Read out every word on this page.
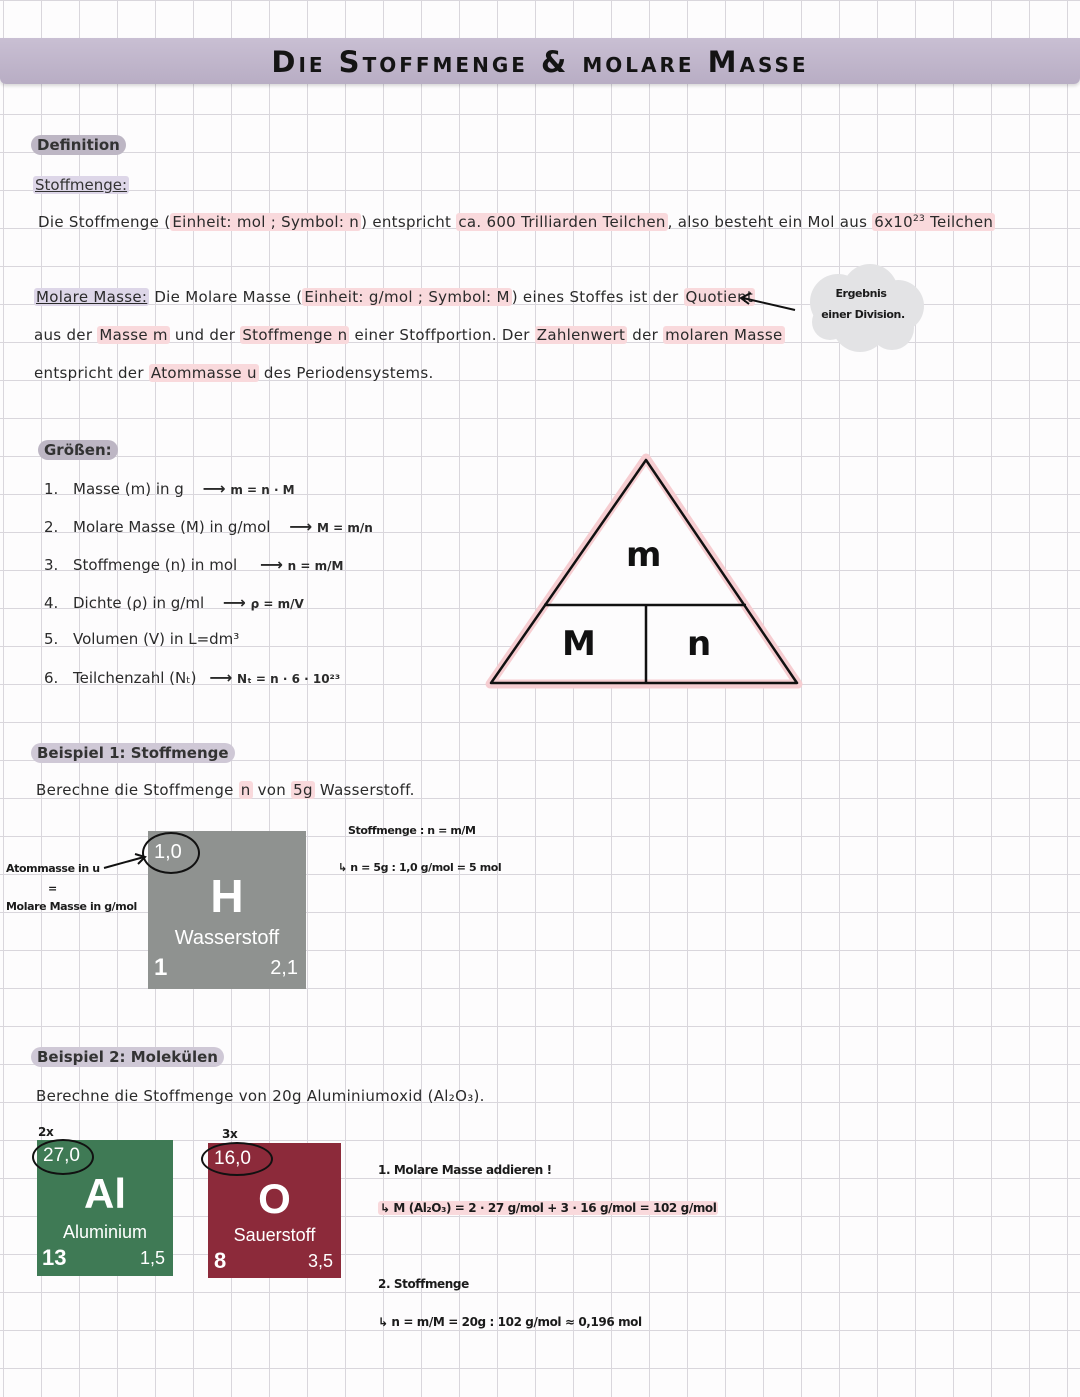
Die Stoffmenge & molare Masse
Definition
Stoffmenge:
Die Stoffmenge ( Einheit: mol ; Symbol: n ) entspricht ca. 600 Trilliarden Teilchen , also besteht ein Mol aus $6x10^{23}$ Teilchen
Molare Masse: Die Molare Masse ( Einheit: g/mol ; Symbol: M ) eines Stoffes ist der Quotient
aus der Masse m und der Stoffmenge n einer Stoffportion. Der Zahlenwert der molaren Masse
entspricht der Atommasse u des Periodensystems.
Ergebnis
einer Division.
Größen:
1. Masse (m) in g ⟶ m = n · M
2. Molare Masse (M) in g/mol ⟶ M = m/n
3. Stoffmenge (n) in mol ⟶ n = m/M
4. Dichte (ρ) in g/ml ⟶ ρ = m/V
5. Volumen (V) in L=dm³
6. Teilchenzahl (Nₜ) ⟶ Nₜ = n · 6 · 10²³
m
M	n
Beispiel 1: Stoffmenge
Berechne die Stoffmenge n von 5g Wasserstoff.
Atommasse in u
=
Molare Masse in g/mol
1,0
H
Wasserstoff
1	2,1
Stoffmenge : n = m/M
↳ n = 5g : 1,0 g/mol = 5 mol
Beispiel 2: Molekülen
Berechne die Stoffmenge von 20g Aluminiumoxid (Al₂O₃).
2x
27,0
Al
Aluminium
13	1,5
3x
16,0
O
Sauerstoff
8	3,5
1. Molare Masse addieren !
↳ M (Al₂O₃) = 2 · 27 g/mol + 3 · 16 g/mol = 102 g/mol
2. Stoffmenge
↳ n = m/M = 20g : 102 g/mol ≈ 0,196 mol
